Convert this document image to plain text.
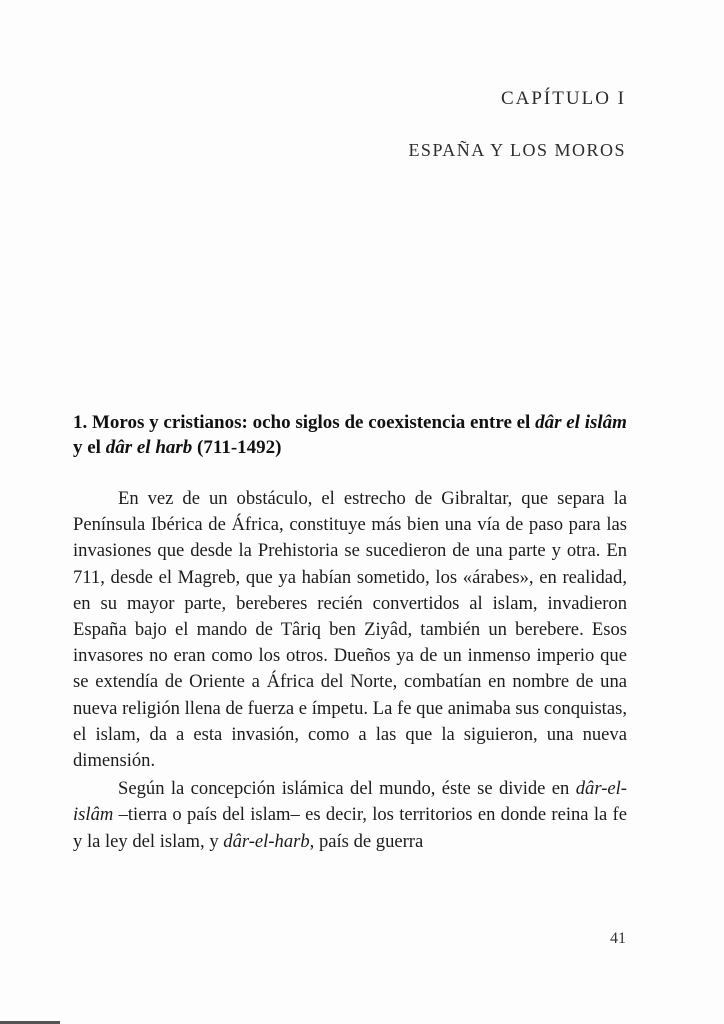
CAPÍTULO I
ESPAÑA Y LOS MOROS
1. Moros y cristianos: ocho siglos de coexistencia entre el dâr el islâm y el dâr el harb (711-1492)

En vez de un obstáculo, el estrecho de Gibraltar, que separa la Península Ibérica de África, constituye más bien una vía de paso para las invasiones que desde la Prehistoria se sucedieron de una parte y otra. En 711, desde el Magreb, que ya habían sometido, los «árabes», en realidad, en su mayor parte, bereberes recién convertidos al islam, invadieron España bajo el mando de Târiq ben Ziyâd, también un berebere. Esos invasores no eran como los otros. Dueños ya de un inmenso imperio que se extendía de Oriente a África del Norte, combatían en nombre de una nueva religión llena de fuerza e ímpetu. La fe que animaba sus conquistas, el islam, da a esta invasión, como a las que la siguieron, una nueva dimensión.

Según la concepción islámica del mundo, éste se divide en dâr-el-islâm –tierra o país del islam– es decir, los territorios en donde reina la fe y la ley del islam, y dâr-el-harb, país de guerra

41
